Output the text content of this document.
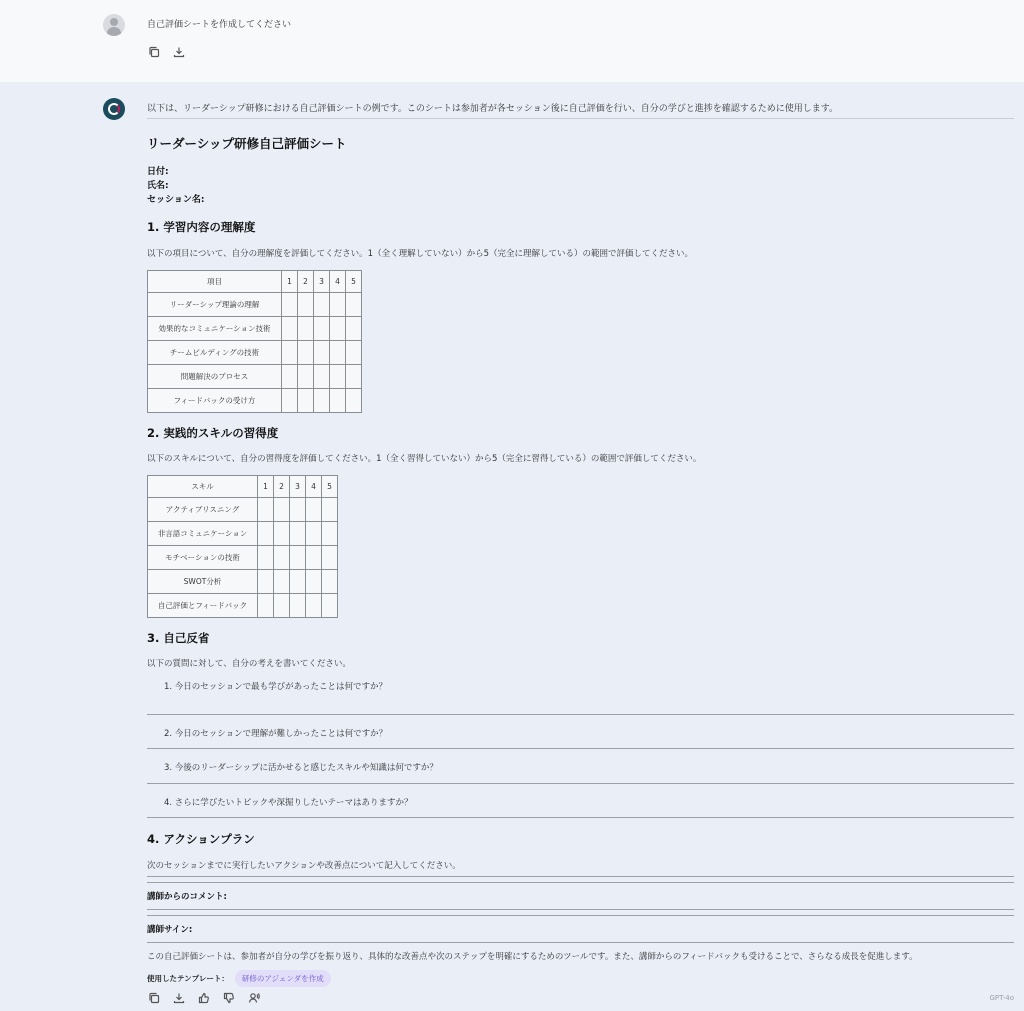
自己評価シートを作成してください
以下は、リーダーシップ研修における自己評価シートの例です。このシートは参加者が各セッション後に自己評価を行い、自分の学びと進捗を確認するために使用します。
リーダーシップ研修自己評価シート
日付:
氏名:
セッション名:
1. 学習内容の理解度

以下の項目について、自分の理解度を評価してください。1（全く理解していない）から5（完全に理解している）の範囲で評価してください。

項目	1	2	3	4	5
リーダーシップ理論の理解					
効果的なコミュニケーション技術					
チームビルディングの技術					
問題解決のプロセス					
フィードバックの受け方					
2. 実践的スキルの習得度

以下のスキルについて、自分の習得度を評価してください。1（全く習得していない）から5（完全に習得している）の範囲で評価してください。

スキル	1	2	3	4	5
アクティブリスニング					
非言語コミュニケーション					
モチベーションの技術					
SWOT分析					
自己評価とフィードバック					
3. 自己反省

以下の質問に対して、自分の考えを書いてください。

1. 今日のセッションで最も学びがあったことは何ですか？
2. 今日のセッションで理解が難しかったことは何ですか？
3. 今後のリーダーシップに活かせると感じたスキルや知識は何ですか？
4. さらに学びたいトピックや深掘りしたいテーマはありますか？
4. アクションプラン

次のセッションまでに実行したいアクションや改善点について記入してください。

講師からのコメント:
講師サイン:
この自己評価シートは、参加者が自分の学びを振り返り、具体的な改善点や次のステップを明確にするためのツールです。また、講師からのフィードバックも受けることで、さらなる成長を促進します。
使用したテンプレート：	研修のアジェンダを作成
GPT-4o
